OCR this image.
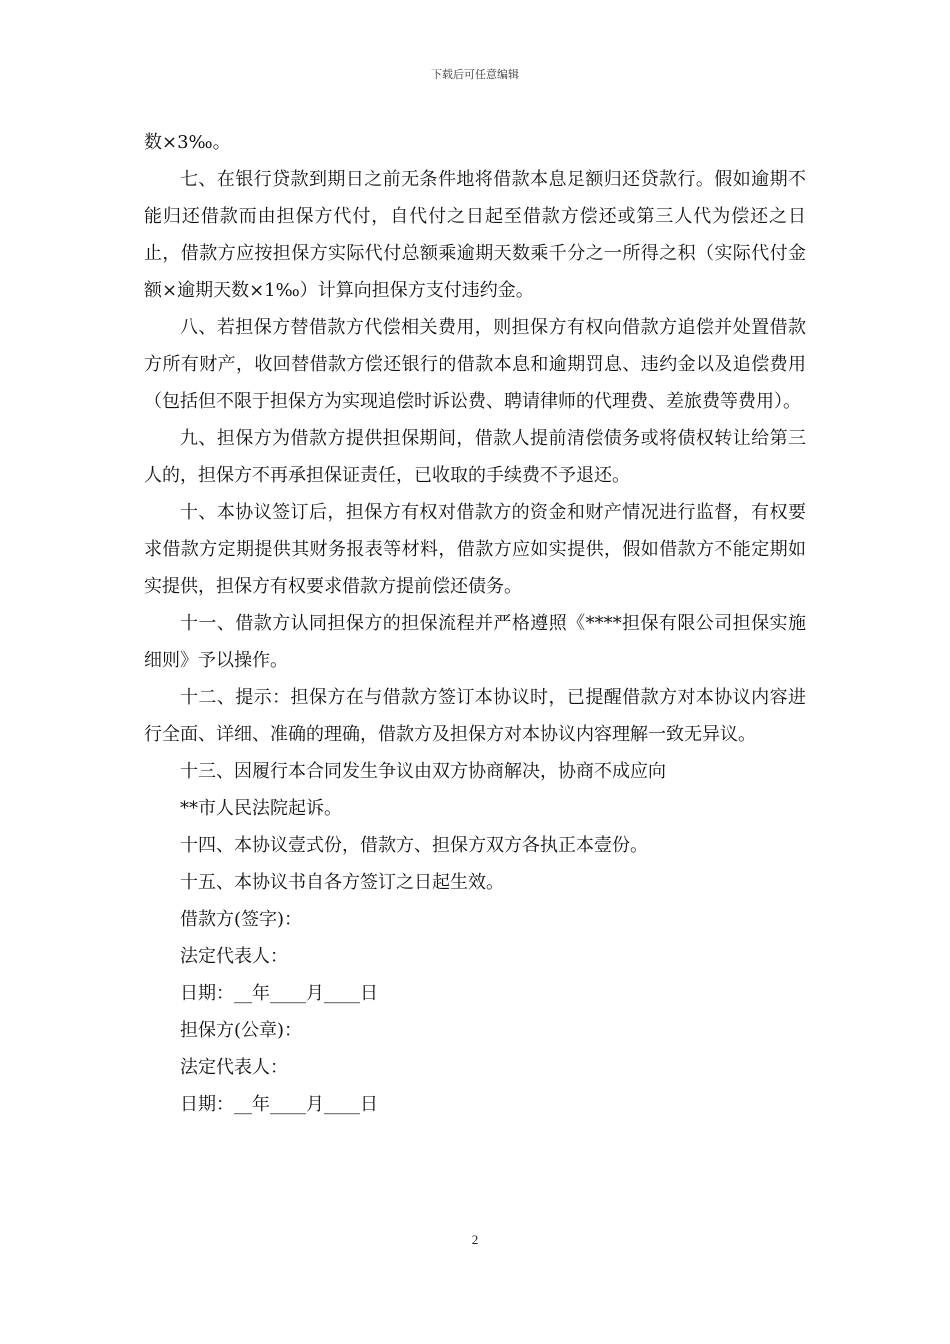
下载后可任意编辑

数×3‰。

七、在银行贷款到期日之前无条件地将借款本息足额归还贷款行。假如逾期不能归还借款而由担保方代付，自代付之日起至借款方偿还或第三人代为偿还之日止，借款方应按担保方实际代付总额乘逾期天数乘千分之一所得之积（实际代付金额×逾期天数×1‰）计算向担保方支付违约金。

八、若担保方替借款方代偿相关费用，则担保方有权向借款方追偿并处置借款方所有财产，收回替借款方偿还银行的借款本息和逾期罚息、违约金以及追偿费用（包括但不限于担保方为实现追偿时诉讼费、聘请律师的代理费、差旅费等费用）。

九、担保方为借款方提供担保期间，借款人提前清偿债务或将债权转让给第三人的，担保方不再承担保证责任，已收取的手续费不予退还。

十、本协议签订后，担保方有权对借款方的资金和财产情况进行监督，有权要求借款方定期提供其财务报表等材料，借款方应如实提供，假如借款方不能定期如实提供，担保方有权要求借款方提前偿还债务。

十一、借款方认同担保方的担保流程并严格遵照《****担保有限公司担保实施细则》予以操作。

十二、提示：担保方在与借款方签订本协议时，已提醒借款方对本协议内容进行全面、详细、准确的理确，借款方及担保方对本协议内容理解一致无异议。

十三、因履行本合同发生争议由双方协商解决，协商不成应向

**市人民法院起诉。

十四、本协议壹式份，借款方、担保方双方各执正本壹份。

十五、本协议书自各方签订之日起生效。

借款方(签字)：

法定代表人：

日期：__年____月____日

担保方(公章)：

法定代表人：

日期：__年____月____日

2
